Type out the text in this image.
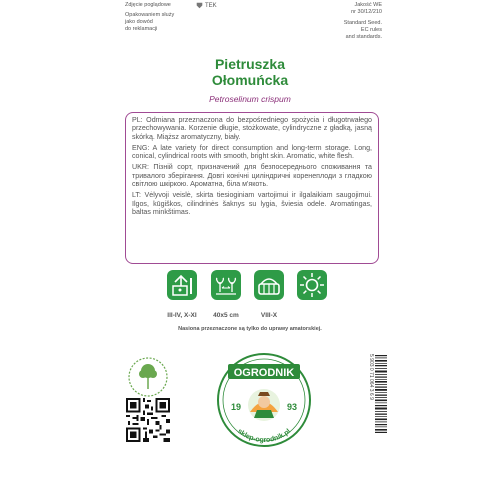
Zdjęcie poglądowe
Opakowaniem służy
jako dowód
do reklamacji
TEK	Jakość WE
nr 30/12/210
Standard Seed.
EC rules
and standards.
Pietruszka
Ołomuńcka
Petroselinum crispum

PL: Odmiana przeznaczona do bezpośredniego spożycia i długotrwałego przechowywania. Korzenie długie, stożkowate, cylindryczne z gładką, jasną skórką. Miąższ aromatyczny, biały.

ENG: A late variety for direct consumption and long-term storage. Long, conical, cylindrical roots with smooth, bright skin. Aromatic, white flesh.

UKR: Пізній сорт, призначений для безпосереднього споживання та тривалого зберігання. Довгі конічні циліндричні коренеплоди з гладкою світлою шкіркою. Ароматна, біла м'якоть.

LT: Vėlyvoji veislė, skirta tiesioginiam vartojimui ir ilgalaikiam saugojimui. Ilgos, kūgiškos, cilindrinės šaknys su lygia, šviesia odele. Aromatingas, baltas minkštimas.

III-IV, X-XI	40x5 cm	VIII-X
Nasiona przeznaczone są tylko do uprawy amatorskiej.
5 903 0 71 064 3 6 9
OGRODNIK
19	93
sklep-ogrodnik.pl
